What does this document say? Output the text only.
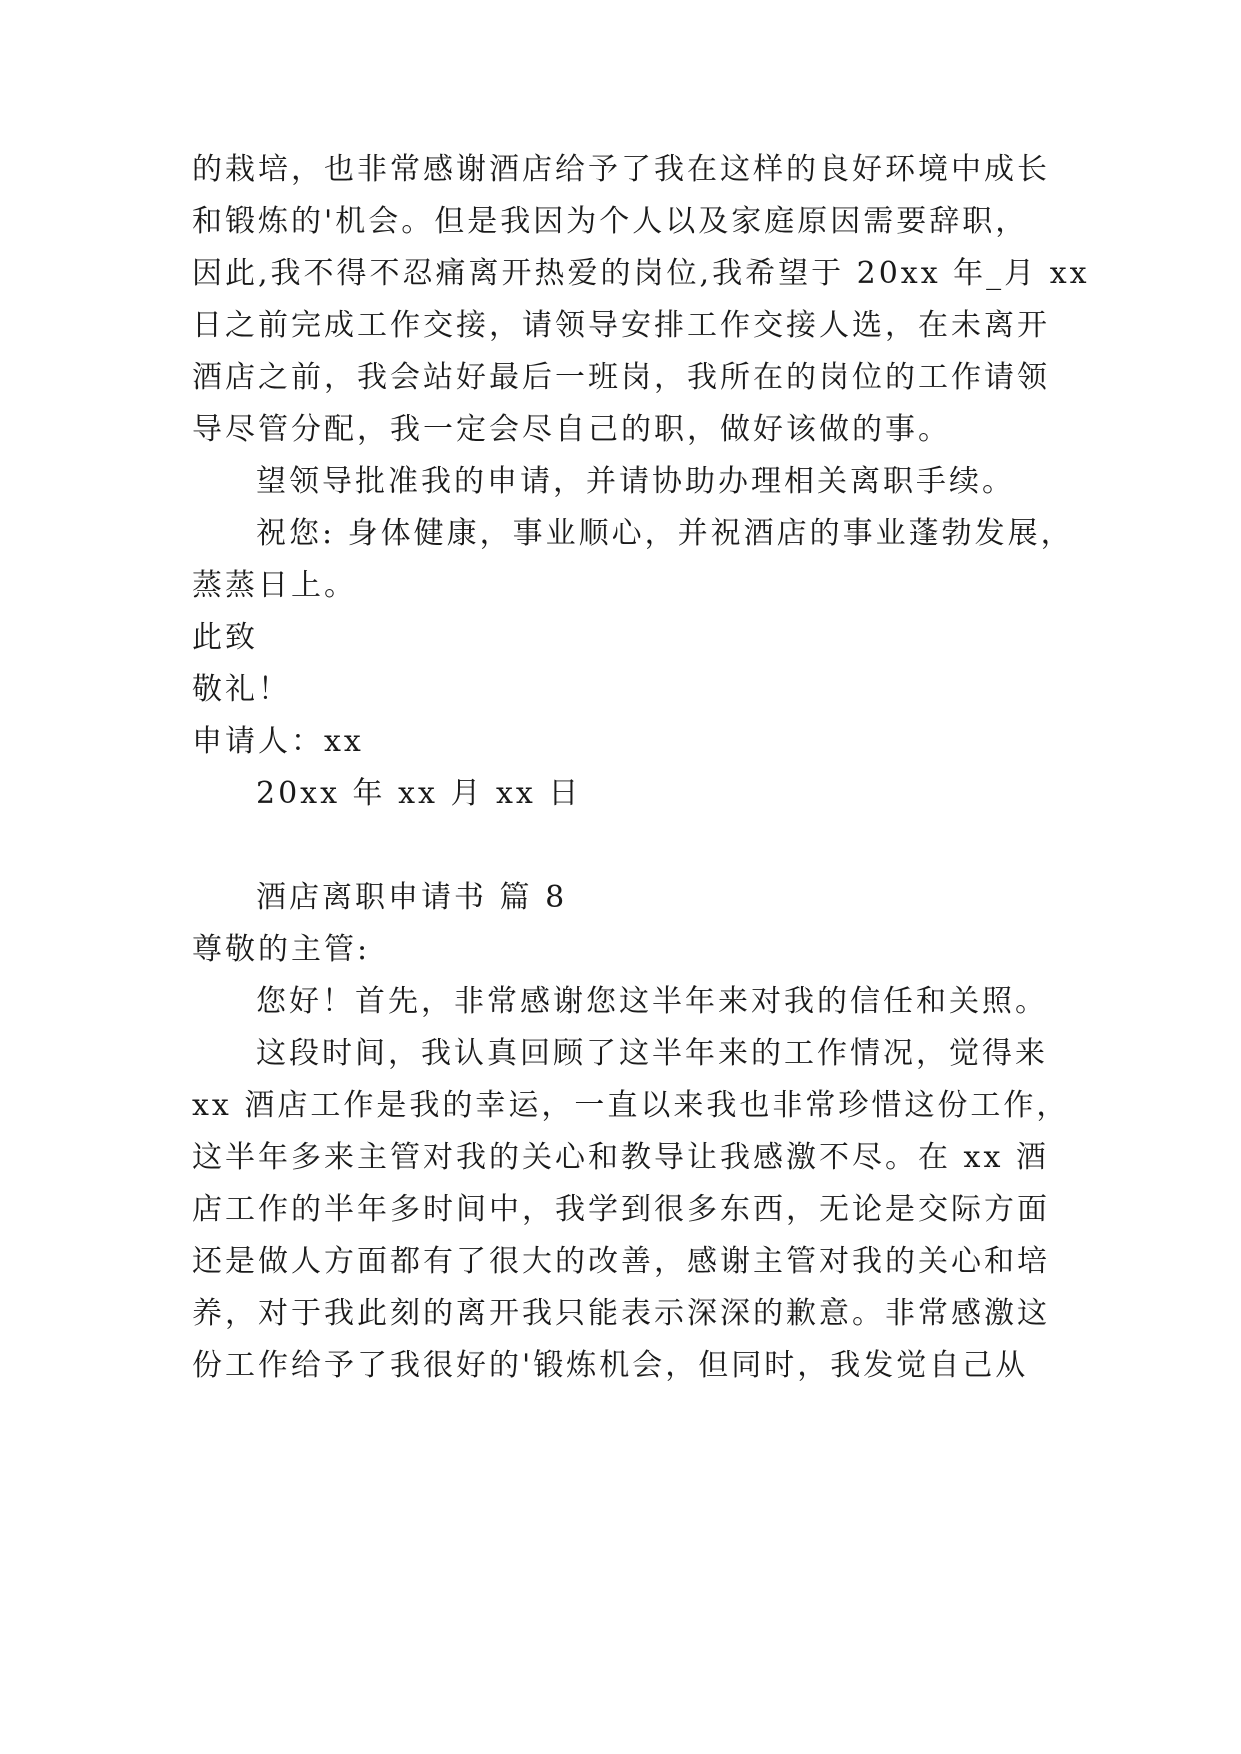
的栽培，也非常感谢酒店给予了我在这样的良好环境中成长
和锻炼的'机会。但是我因为个人以及家庭原因需要辞职，
因此,我不得不忍痛离开热爱的岗位,我希望于 20xx 年_月 xx
日之前完成工作交接，请领导安排工作交接人选，在未离开
酒店之前，我会站好最后一班岗，我所在的岗位的工作请领
导尽管分配，我一定会尽自己的职，做好该做的事。
望领导批准我的申请，并请协助办理相关离职手续。
祝您: 身体健康，事业顺心，并祝酒店的事业蓬勃发展，
蒸蒸日上。
此致
敬礼！
申请人：xx
20xx 年 xx 月 xx 日
酒店离职申请书 篇 8
尊敬的主管:
您好！首先，非常感谢您这半年来对我的信任和关照。
这段时间，我认真回顾了这半年来的工作情况，觉得来
xx 酒店工作是我的幸运，一直以来我也非常珍惜这份工作，
这半年多来主管对我的关心和教导让我感激不尽。在 xx 酒
店工作的半年多时间中，我学到很多东西，无论是交际方面
还是做人方面都有了很大的改善，感谢主管对我的关心和培
养，对于我此刻的离开我只能表示深深的歉意。非常感激这
份工作给予了我很好的'锻炼机会，但同时，我发觉自己从
